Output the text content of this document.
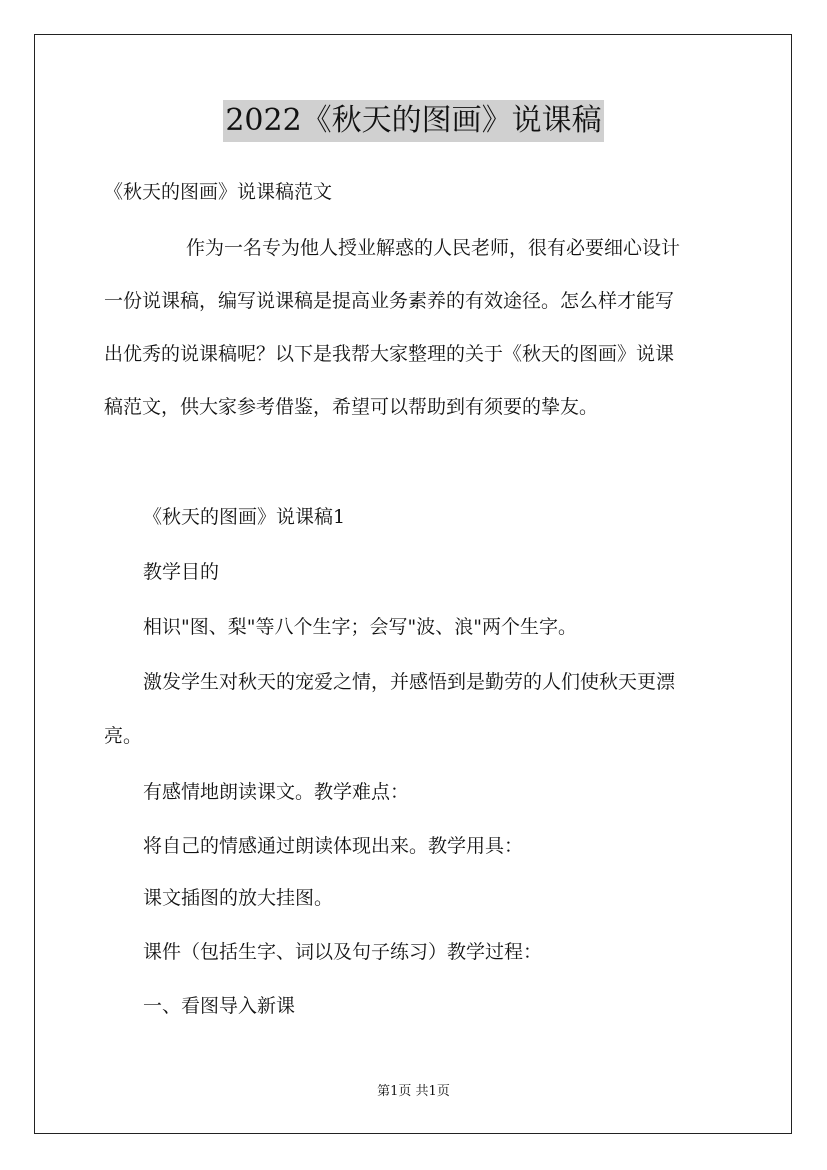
2022《秋天的图画》说课稿
《秋天的图画》说课稿范文
作为一名专为他人授业解惑的人民老师，很有必要细心设计
一份说课稿，编写说课稿是提高业务素养的有效途径。怎么样才能写
出优秀的说课稿呢？以下是我帮大家整理的关于《秋天的图画》说课
稿范文，供大家参考借鉴，希望可以帮助到有须要的挚友。
《秋天的图画》说课稿1
教学目的
相识"图、梨"等八个生字；会写"波、浪"两个生字。
激发学生对秋天的宠爱之情，并感悟到是勤劳的人们使秋天更漂
亮。
有感情地朗读课文。教学难点：
将自己的情感通过朗读体现出来。教学用具：
课文插图的放大挂图。
课件（包括生字、词以及句子练习）教学过程：
一、看图导入新课
第1页 共1页
